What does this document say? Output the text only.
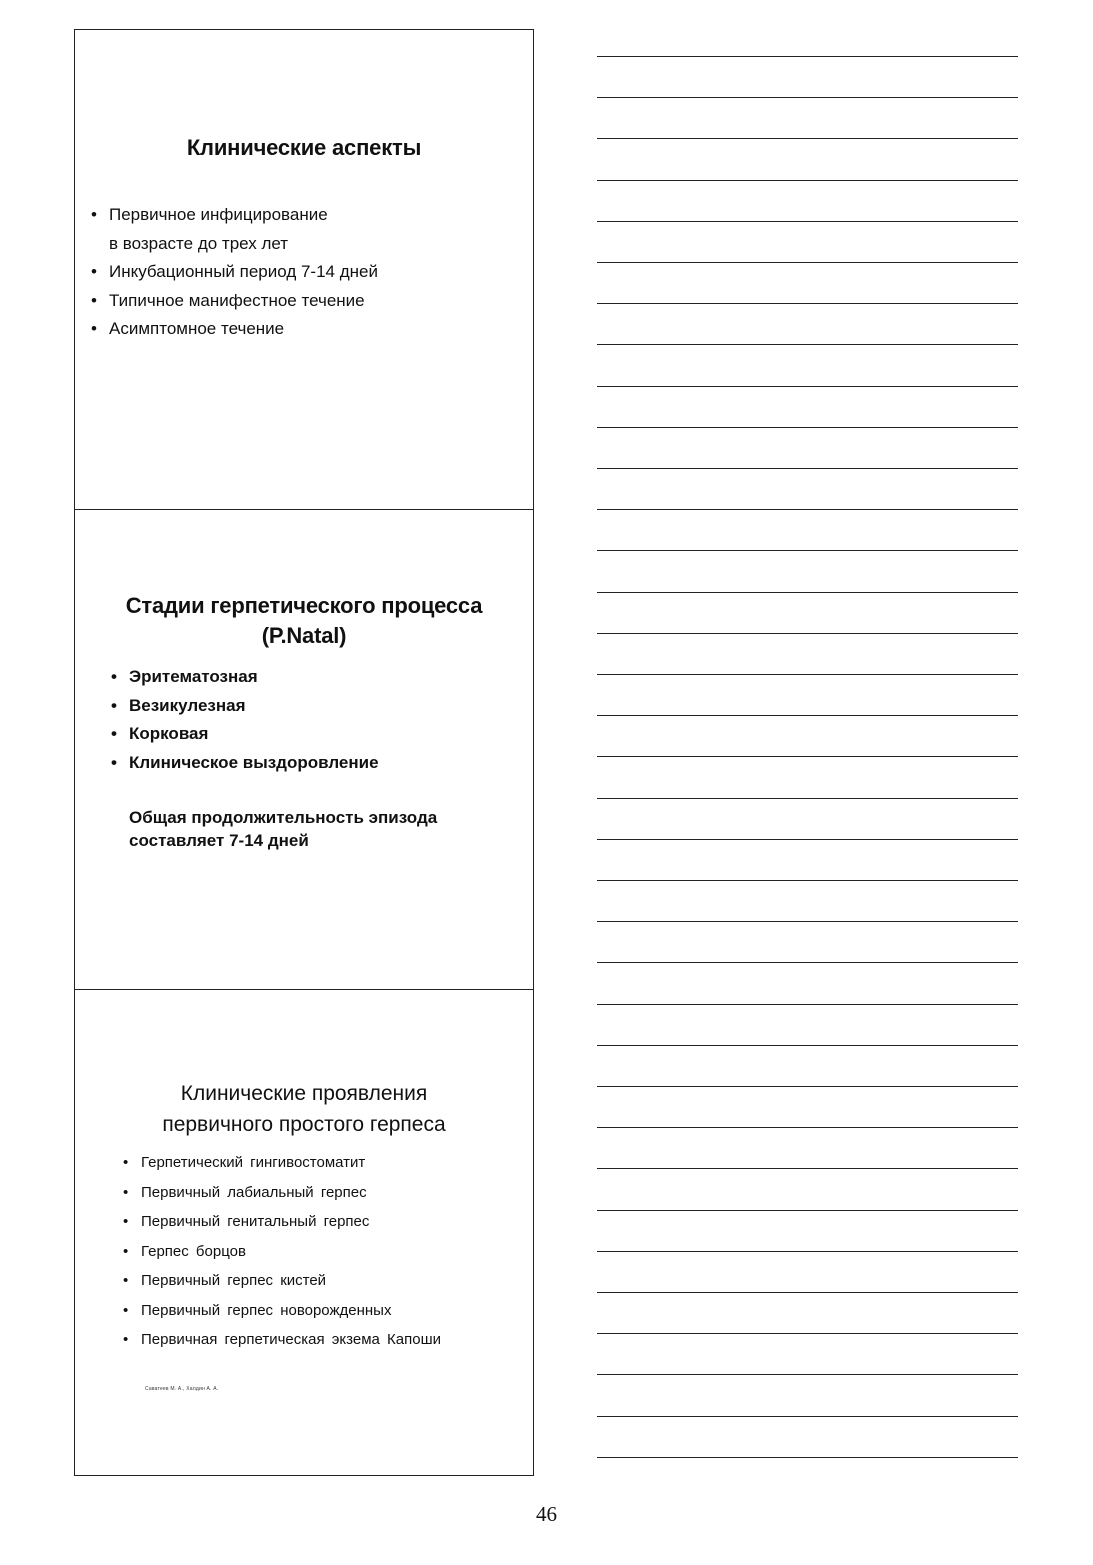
Клинические аспекты
• Первичное инфицирование
в возрасте до трех лет
• Инкубационный период 7-14 дней
• Типичное манифестное течение
• Асимптомное течение
Стадии герпетического процесса
(P.Natal)
• Эритематозная
• Везикулезная
• Корковая
• Клиническое выздоровление
Общая продолжительность эпизода
составляет 7-14 дней
Клинические проявления
первичного простого герпеса
• Герпетический гингивостоматит
• Первичный лабиальный герпес
• Первичный генитальный герпес
• Герпес борцов
• Первичный герпес кистей
• Первичный герпес новорожденных
• Первичная герпетическая экзема Капоши
Саватеев М. А., Халдин А. А.
46
